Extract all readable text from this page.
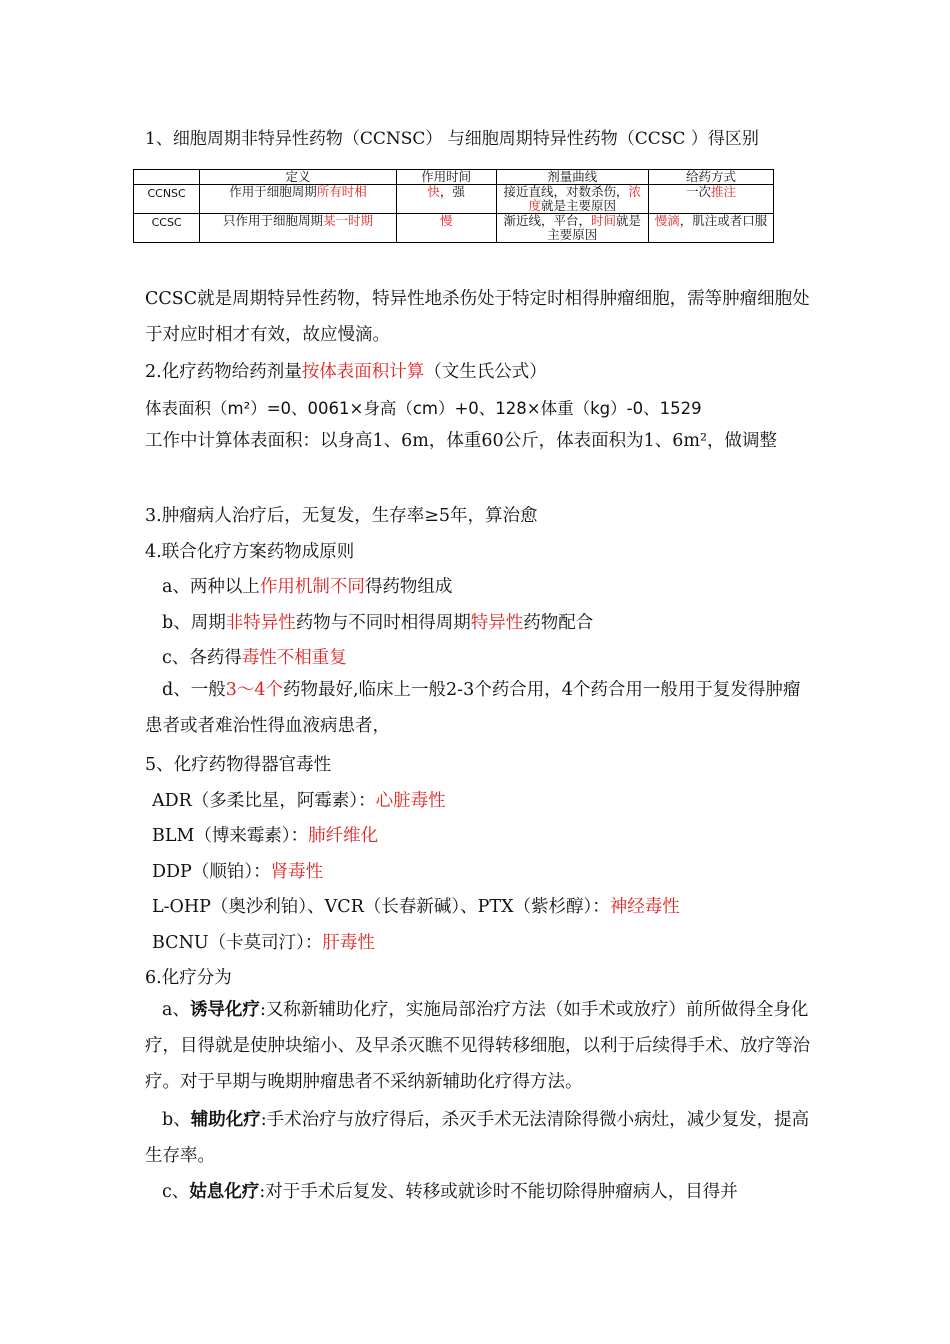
1、细胞周期非特异性药物（CCNSC） 与细胞周期特异性药物（CCSC ）得区别
	定义	作用时间	剂量曲线	给药方式
CCNSC	作用于细胞周期所有时相	快，强	接近直线，对数杀伤，浓度就是主要原因	一次推注
CCSC	只作用于细胞周期某一时期	慢	渐近线，平台，时间就是主要原因	慢滴，肌注或者口服
CCSC就是周期特异性药物，特异性地杀伤处于特定时相得肿瘤细胞，需等肿瘤细胞处于对应时相才有效，故应慢滴。
2.化疗药物给药剂量按体表面积计算（文生氏公式）
体表面积（m²）=0、0061×身高（cm）+0、128×体重（kg）-0、1529
工作中计算体表面积：以身高1、6m，体重60公斤，体表面积为1、6m²，做调整
3.肿瘤病人治疗后，无复发，生存率≥5年，算治愈
4.联合化疗方案药物成原则
a、两种以上作用机制不同得药物组成
b、周期非特异性药物与不同时相得周期特异性药物配合
c、各药得毒性不相重复
d、一般3～4个药物最好,临床上一般2-3个药合用，4个药合用一般用于复发得肿瘤患者或者难治性得血液病患者，
5、化疗药物得器官毒性
ADR（多柔比星，阿霉素）：心脏毒性
BLM（博来霉素）：肺纤维化
DDP（顺铂）：肾毒性
L-OHP（奥沙利铂）、VCR（长春新碱）、PTX（紫杉醇）：神经毒性
BCNU（卡莫司汀）：肝毒性
6.化疗分为
a、诱导化疗:又称新辅助化疗，实施局部治疗方法（如手术或放疗）前所做得全身化疗，目得就是使肿块缩小、及早杀灭瞧不见得转移细胞，以利于后续得手术、放疗等治疗。对于早期与晚期肿瘤患者不采纳新辅助化疗得方法。
b、辅助化疗:手术治疗与放疗得后，杀灭手术无法清除得微小病灶，减少复发，提高生存率。
c、姑息化疗:对于手术后复发、转移或就诊时不能切除得肿瘤病人，目得并
